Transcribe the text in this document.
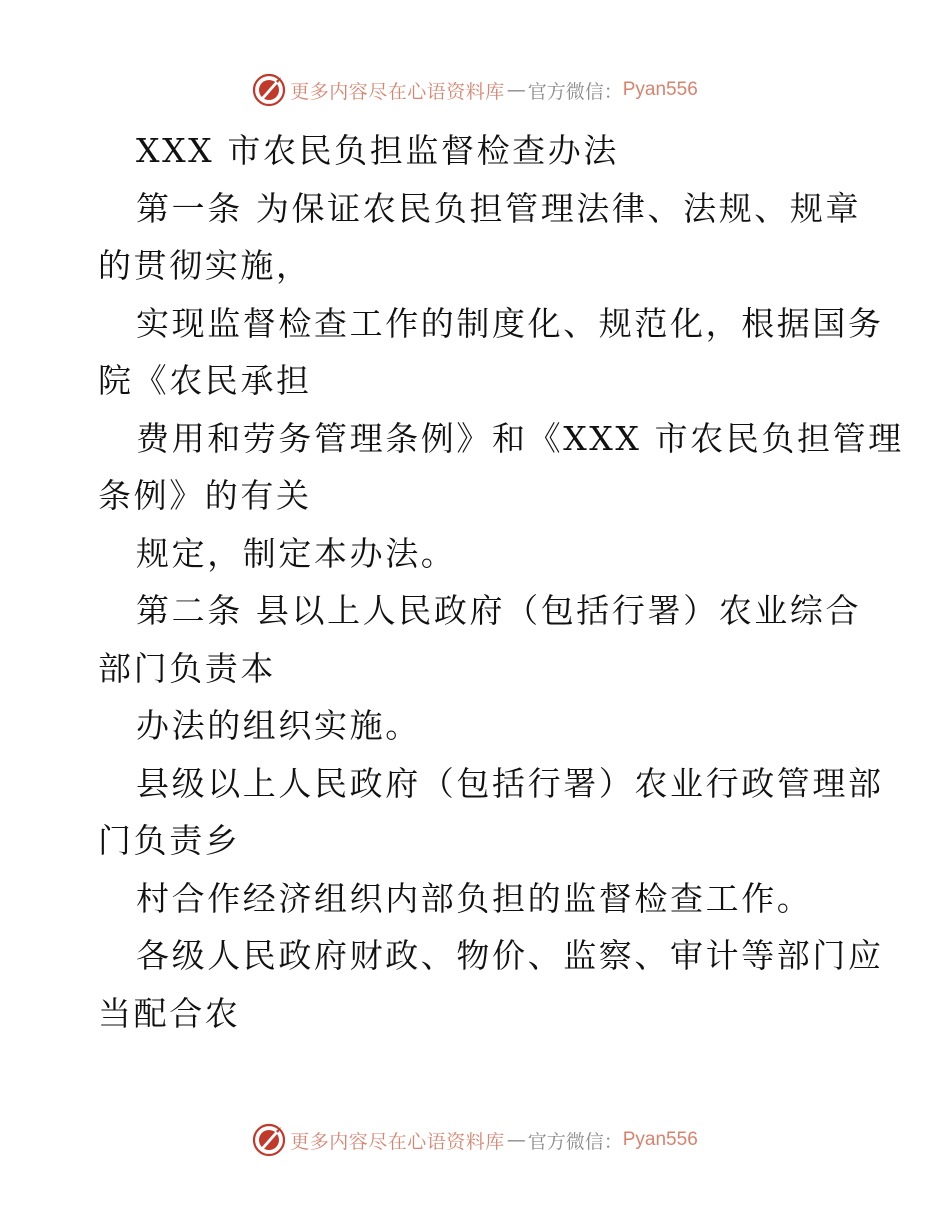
更多内容尽在心语资料库 — 官方微信： Pyan556
XXX 市农民负担监督检查办法
第一条 为保证农民负担管理法律、法规、规章
的贯彻实施，
实现监督检查工作的制度化、规范化，根据国务
院《农民承担
费用和劳务管理条例》和《XXX 市农民负担管理
条例》的有关
规定，制定本办法。
第二条 县以上人民政府（包括行署）农业综合
部门负责本
办法的组织实施。
县级以上人民政府（包括行署）农业行政管理部
门负责乡
村合作经济组织内部负担的监督检查工作。
各级人民政府财政、物价、监察、审计等部门应
当配合农
更多内容尽在心语资料库 — 官方微信： Pyan556
